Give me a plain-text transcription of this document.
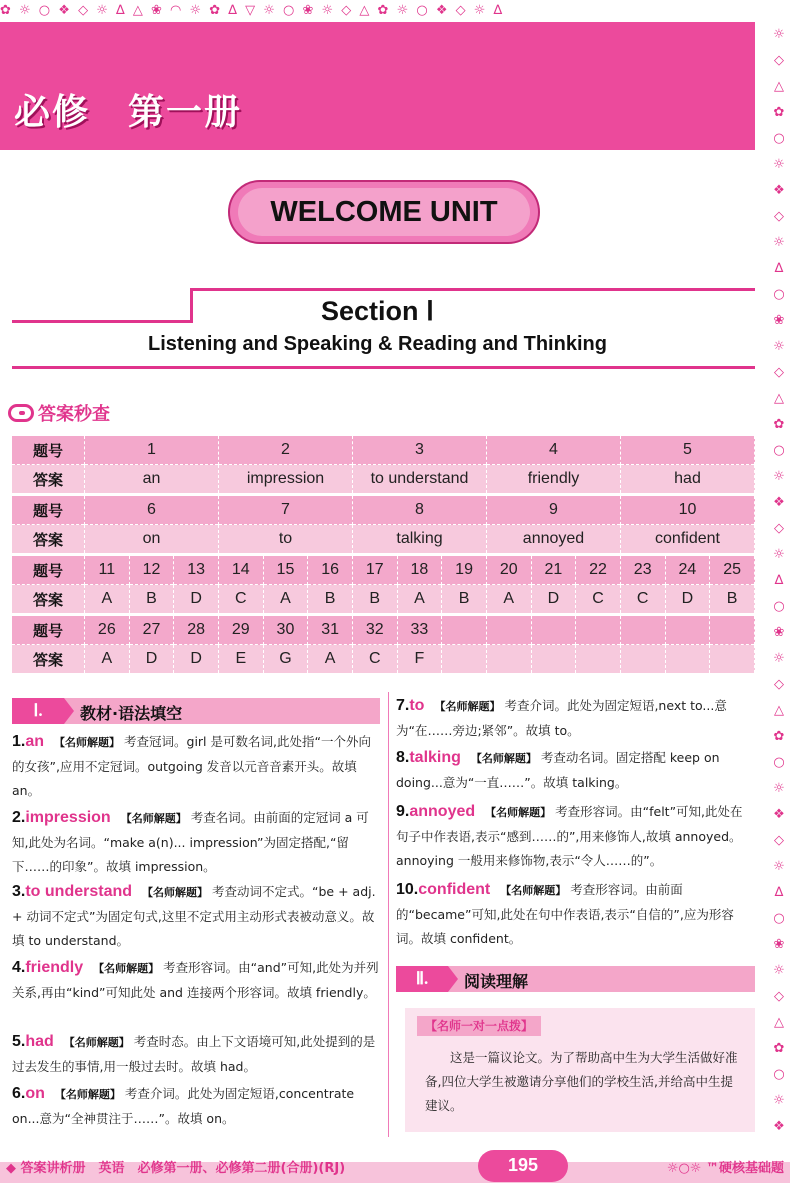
✿ ☼ ○ ❖ ◇ ☼ ∆ △ ❀ ◠ ☼ ✿ ∆ ▽ ☼ ○ ❀ ☼ ◇ △ ✿ ☼ ○ ❖ ◇ ☼ ∆
☼
◇
△
✿
○
☼
❖
◇
☼
∆
○
❀
☼
◇
△
✿
○
☼
❖
◇
☼
∆
○
❀
☼
◇
△
✿
○
☼
❖
◇
☼
∆
○
❀
☼
◇
△
✿
○
☼
❖
必修　第一册
WELCOME UNIT
Section Ⅰ
Listening and Speaking & Reading and Thinking
答案秒查
题号	1	2	3	4	5
答案	an	impression	to understand	friendly	had
题号	6	7	8	9	10
答案	on	to	talking	annoyed	confident
题号	11	12	13	14	15	16	17	18	19	20	21	22	23	24	25
答案	A	B	D	C	A	B	B	A	B	A	D	C	C	D	B
题号	26	27	28	29	30	31	32	33							
答案	A	D	D	E	G	A	C	F							
Ⅰ.	教材·语法填空
1.an 【名师解题】 考查冠词。girl 是可数名词,此处指“一个外向的女孩”,应用不定冠词。outgoing 发音以元音音素开头。故填 an。
2.impression 【名师解题】 考查名词。由前面的定冠词 a 可知,此处为名词。“make a(n)... impression”为固定搭配,“留下……的印象”。故填 impression。
3.to understand 【名师解题】 考查动词不定式。“be + adj. + 动词不定式”为固定句式,这里不定式用主动形式表被动意义。故填 to understand。
4.friendly 【名师解题】 考查形容词。由“and”可知,此处为并列关系,再由“kind”可知此处 and 连接两个形容词。故填 friendly。
5.had 【名师解题】 考查时态。由上下文语境可知,此处提到的是过去发生的事情,用一般过去时。故填 had。
6.on 【名师解题】 考查介词。此处为固定短语,concentrate on...意为“全神贯注于……”。故填 on。
7.to 【名师解题】 考查介词。此处为固定短语,next to...意为“在……旁边;紧邻”。故填 to。
8.talking 【名师解题】 考查动名词。固定搭配 keep on doing...意为“一直……”。故填 talking。
9.annoyed 【名师解题】 考查形容词。由“felt”可知,此处在句子中作表语,表示“感到……的”,用来修饰人,故填 annoyed。annoying 一般用来修饰物,表示“令人……的”。
10.confident 【名师解题】 考查形容词。由前面的“became”可知,此处在句中作表语,表示“自信的”,应为形容词。故填 confident。
Ⅱ.	阅读理解
【名师一对一点拨】
这是一篇议论文。为了帮助高中生为大学生活做好准备,四位大学生被邀请分享他们的学校生活,并给高中生提建议。
◆ 答案讲析册　英语　必修第一册、必修第二册(合册)(RJ)	195	☼○☼ ™硬核基础题
